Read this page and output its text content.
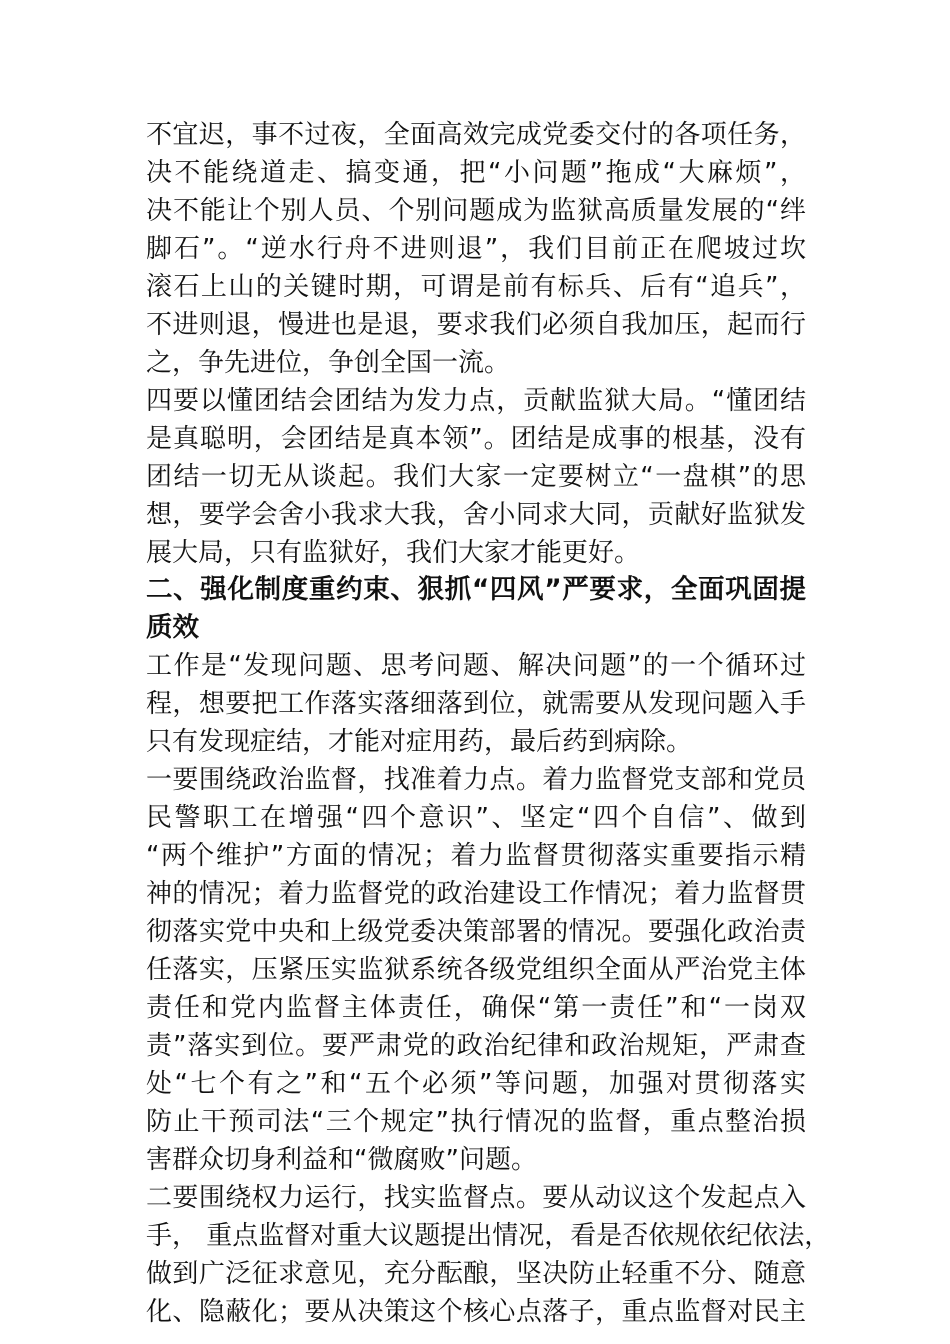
不宜迟，事不过夜，全面高效完成党委交付的各项任务，
决不能绕道走、搞变通，把“小问题”拖成“大麻烦”，
决不能让个别人员、个别问题成为监狱高质量发展的“绊
脚石”。“逆水行舟不进则退”，我们目前正在爬坡过坎
滚石上山的关键时期，可谓是前有标兵、后有“追兵”，
不进则退，慢进也是退，要求我们必须自我加压，起而行
之，争先进位，争创全国一流。
四要以懂团结会团结为发力点，贡献监狱大局。“懂团结
是真聪明，会团结是真本领”。团结是成事的根基，没有
团结一切无从谈起。我们大家一定要树立“一盘棋”的思
想，要学会舍小我求大我，舍小同求大同，贡献好监狱发
展大局，只有监狱好，我们大家才能更好。
二、强化制度重约束、狠抓“四风”严要求，全面巩固提
质效
工作是“发现问题、思考问题、解决问题”的一个循环过
程，想要把工作落实落细落到位，就需要从发现问题入手
只有发现症结，才能对症用药，最后药到病除。
一要围绕政治监督，找准着力点。着力监督党支部和党员
民警职工在增强“四个意识”、坚定“四个自信”、做到
“两个维护”方面的情况；着力监督贯彻落实重要指示精
神的情况；着力监督党的政治建设工作情况；着力监督贯
彻落实党中央和上级党委决策部署的情况。要强化政治责
任落实，压紧压实监狱系统各级党组织全面从严治党主体
责任和党内监督主体责任，确保“第一责任”和“一岗双
责”落实到位。要严肃党的政治纪律和政治规矩，严肃查
处“七个有之”和“五个必须”等问题，加强对贯彻落实
防止干预司法“三个规定”执行情况的监督，重点整治损
害群众切身利益和“微腐败”问题。
二要围绕权力运行，找实监督点。要从动议这个发起点入
手， 重点监督对重大议题提出情况，看是否依规依纪依法，
做到广泛征求意见，充分酝酿，坚决防止轻重不分、随意
化、隐蔽化；要从决策这个核心点落子，重点监督对民主
